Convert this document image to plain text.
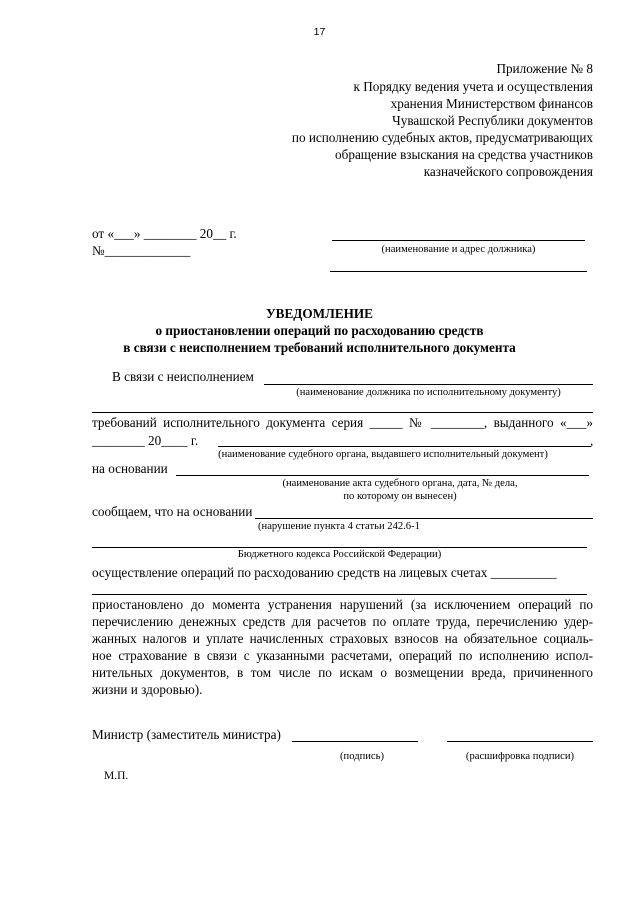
17
Приложение № 8
к Порядку ведения учета и осуществления
хранения Министерством финансов
Чувашской Республики документов
по исполнению судебных актов, предусматривающих
обращение взыскания на средства участников
казначейского сопровождения
от «___» ________ 20__ г.
№_____________	(наименование и адрес должника)
УВЕДОМЛЕНИЕ
о приостановлении операций по расходованию средств
в связи с неисполнением требований исполнительного документа
В связи с неисполнением
(наименование должника по исполнительному документу)
требований исполнительного документа серия _____ № ________, выданного «___»
________ 20____ г.	,
(наименование судебного органа, выдавшего исполнительный документ)
на основании
(наименование акта судебного органа, дата, № дела,
по которому он вынесен)
сообщаем, что на основании
(нарушение пункта 4 статьи 242.6-1
Бюджетного кодекса Российской Федерации)
осуществление операций по расходованию средств на лицевых счетах __________
приостановлено до момента устранения нарушений (за исключением операций по
перечислению денежных средств для расчетов по оплате труда, перечислению удер-
жанных налогов и уплате начисленных страховых взносов на обязательное социаль-
ное страхование в связи с указанными расчетами, операций по исполнению испол-
нительных документов, в том числе по искам о возмещении вреда, причиненного
жизни и здоровью).
Министр (заместитель министра)
(подпись)	(расшифровка подписи)
М.П.
